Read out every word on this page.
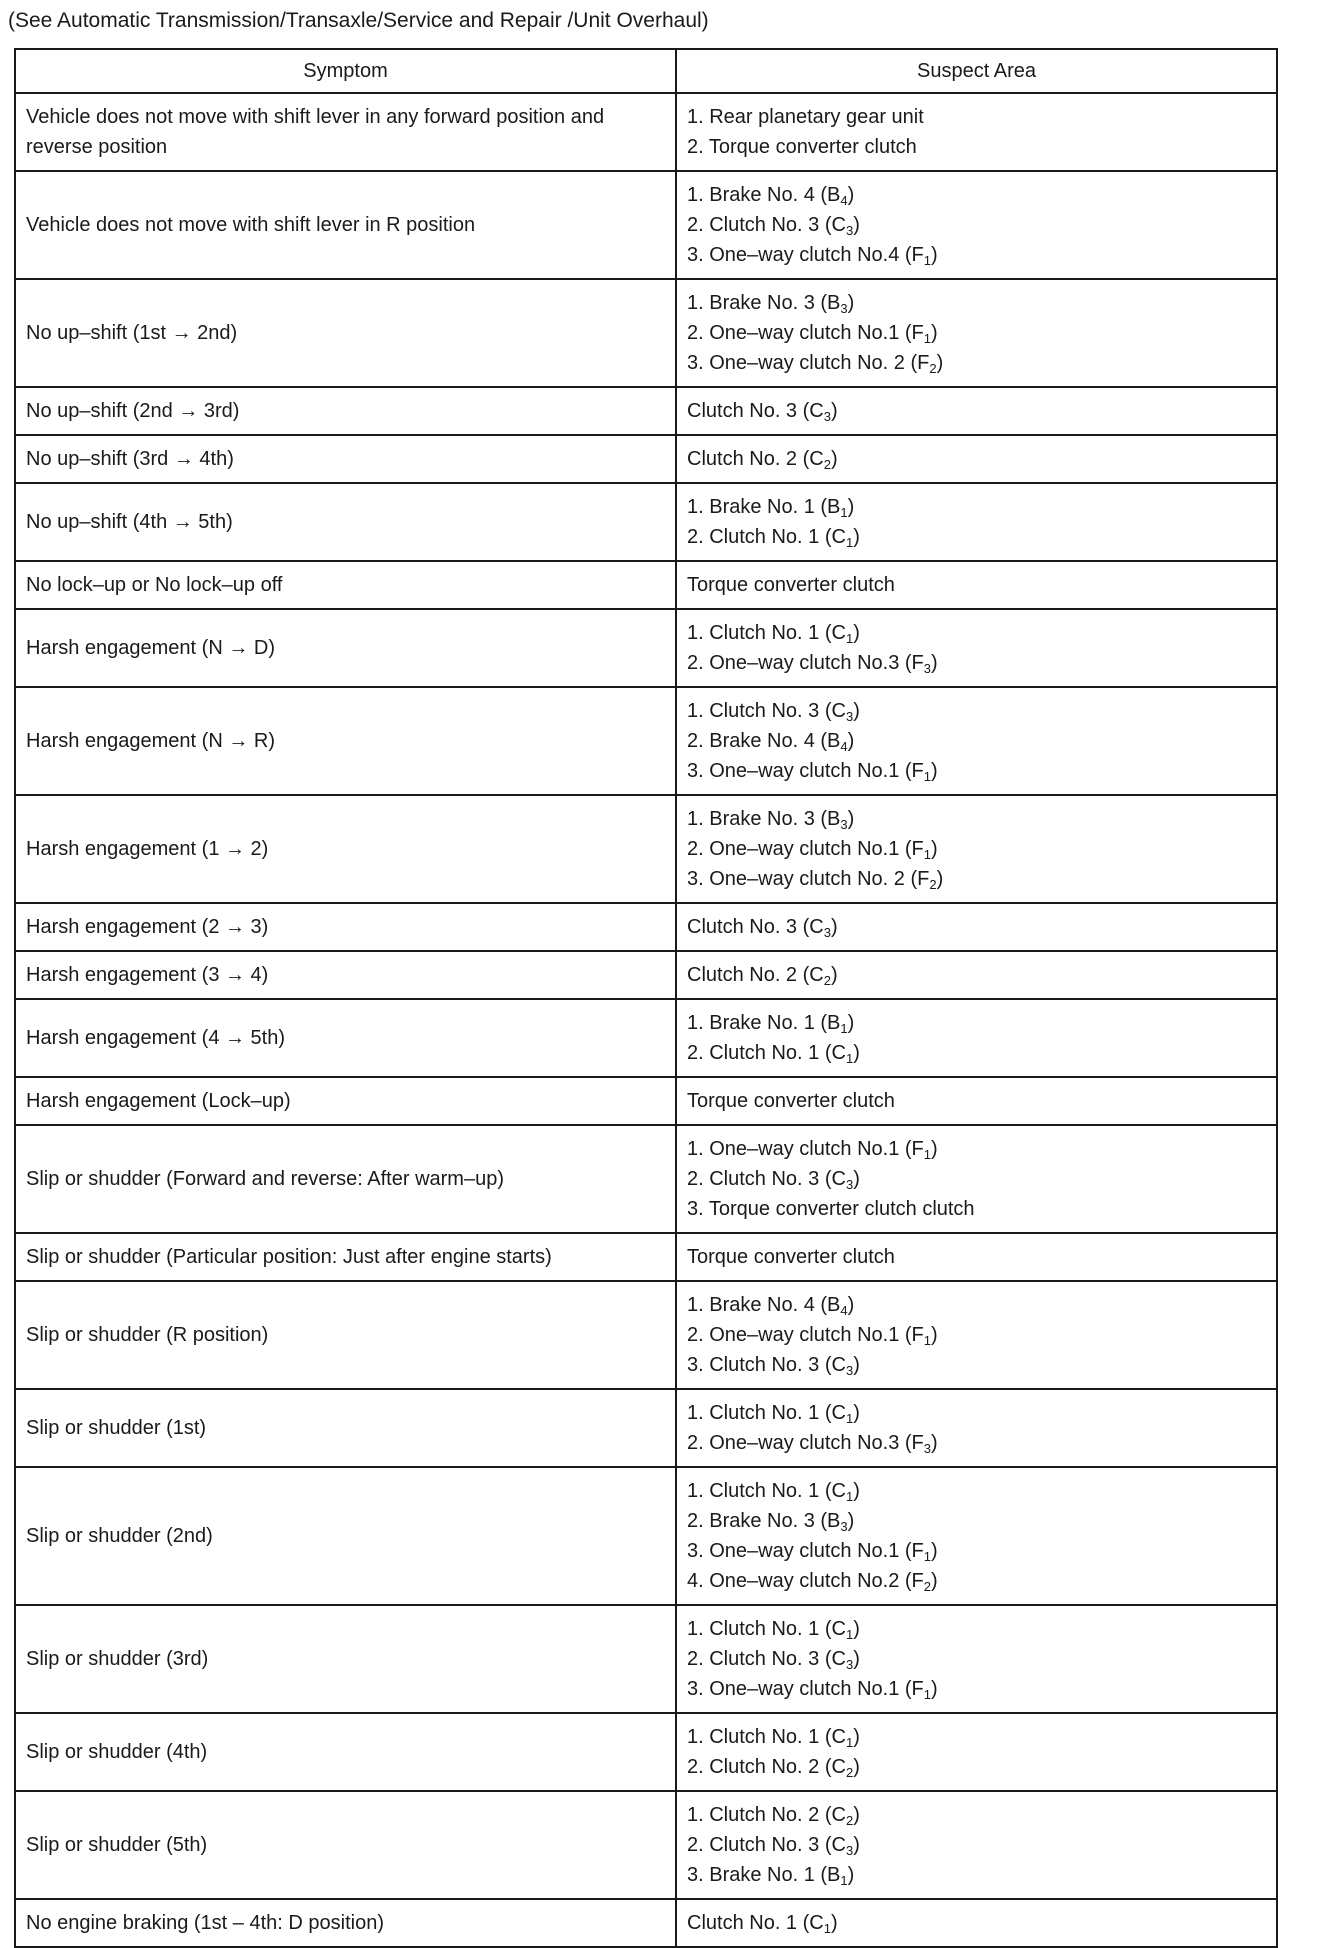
(See Automatic Transmission/Transaxle/Service and Repair /Unit Overhaul)
Symptom	Suspect Area
Vehicle does not move with shift lever in any forward position and reverse position	1. Rear planetary gear unit
2. Torque converter clutch

Vehicle does not move with shift lever in R position	1. Brake No. 4 $(B_4)$
2. Clutch No. 3 $(C_3)$
3. One–way clutch No.4 $(F_1)$

No up–shift (1st → 2nd)	1. Brake No. 3 $(B_3)$
2. One–way clutch No.1 $(F_1)$
3. One–way clutch No. 2 $(F_2)$

No up–shift (2nd → 3rd)	Clutch No. 3 $(C_3)$

No up–shift (3rd → 4th)	Clutch No. 2 $(C_2)$

No up–shift (4th → 5th)	1. Brake No. 1 $(B_1)$
2. Clutch No. 1 $(C_1)$

No lock–up or No lock–up off	Torque converter clutch

Harsh engagement (N → D)	1. Clutch No. 1 $(C_1)$
2. One–way clutch No.3 $(F_3)$

Harsh engagement (N → R)	1. Clutch No. 3 $(C_3)$
2. Brake No. 4 $(B_4)$
3. One–way clutch No.1 $(F_1)$

Harsh engagement (1 → 2)	1. Brake No. 3 $(B_3)$
2. One–way clutch No.1 $(F_1)$
3. One–way clutch No. 2 $(F_2)$

Harsh engagement (2 → 3)	Clutch No. 3 $(C_3)$

Harsh engagement (3 → 4)	Clutch No. 2 $(C_2)$

Harsh engagement (4 → 5th)	1. Brake No. 1 $(B_1)$
2. Clutch No. 1 $(C_1)$

Harsh engagement (Lock–up)	Torque converter clutch

Slip or shudder (Forward and reverse: After warm–up)	1. One–way clutch No.1 $(F_1)$
2. Clutch No. 3 $(C_3)$
3. Torque converter clutch clutch

Slip or shudder (Particular position: Just after engine starts)	Torque converter clutch

Slip or shudder (R position)	1. Brake No. 4 $(B_4)$
2. One–way clutch No.1 $(F_1)$
3. Clutch No. 3 $(C_3)$

Slip or shudder (1st)	1. Clutch No. 1 $(C_1)$
2. One–way clutch No.3 $(F_3)$

Slip or shudder (2nd)	1. Clutch No. 1 $(C_1)$
2. Brake No. 3 $(B_3)$
3. One–way clutch No.1 $(F_1)$
4. One–way clutch No.2 $(F_2)$

Slip or shudder (3rd)	1. Clutch No. 1 $(C_1)$
2. Clutch No. 3 $(C_3)$
3. One–way clutch No.1 $(F_1)$

Slip or shudder (4th)	1. Clutch No. 1 $(C_1)$
2. Clutch No. 2 $(C_2)$

Slip or shudder (5th)	1. Clutch No. 2 $(C_2)$
2. Clutch No. 3 $(C_3)$
3. Brake No. 1 $(B_1)$

No engine braking (1st – 4th: D position)	Clutch No. 1 $(C_1)$
